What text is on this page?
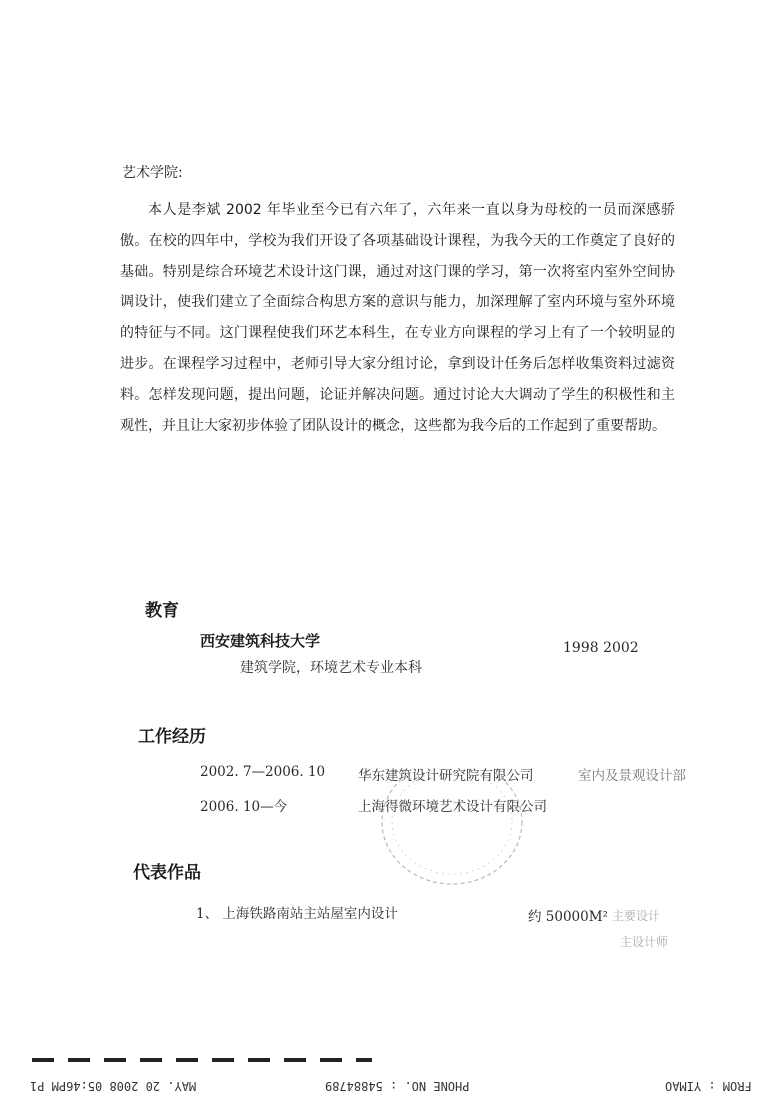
艺术学院:
本人是李斌 2002 年毕业至今已有六年了，六年来一直以身为母校的一员而深感骄傲。在校的四年中，学校为我们开设了各项基础设计课程，为我今天的工作奠定了良好的基础。特别是综合环境艺术设计这门课，通过对这门课的学习，第一次将室内室外空间协调设计，使我们建立了全面综合构思方案的意识与能力，加深理解了室内环境与室外环境的特征与不同。这门课程使我们环艺本科生，在专业方向课程的学习上有了一个较明显的进步。在课程学习过程中，老师引导大家分组讨论，拿到设计任务后怎样收集资料过滤资料。怎样发现问题，提出问题，论证并解决问题。通过讨论大大调动了学生的积极性和主观性，并且让大家初步体验了团队设计的概念，这些都为我今后的工作起到了重要帮助。
教育
西安建筑科技大学
建筑学院，环境艺术专业本科
1998 2002
工作经历
2002. 7—2006. 10 华东建筑设计研究院有限公司	室内及景观设计部
2006. 10—今	上海得微环境艺术设计有限公司
代表作品
1、 上海铁路南站主站屋室内设计	约 50000M² 主要设计
主设计师
MAY. 20 2008 05:46PM P1	PHONE NO. : 54884789	FROM : YIMAO
